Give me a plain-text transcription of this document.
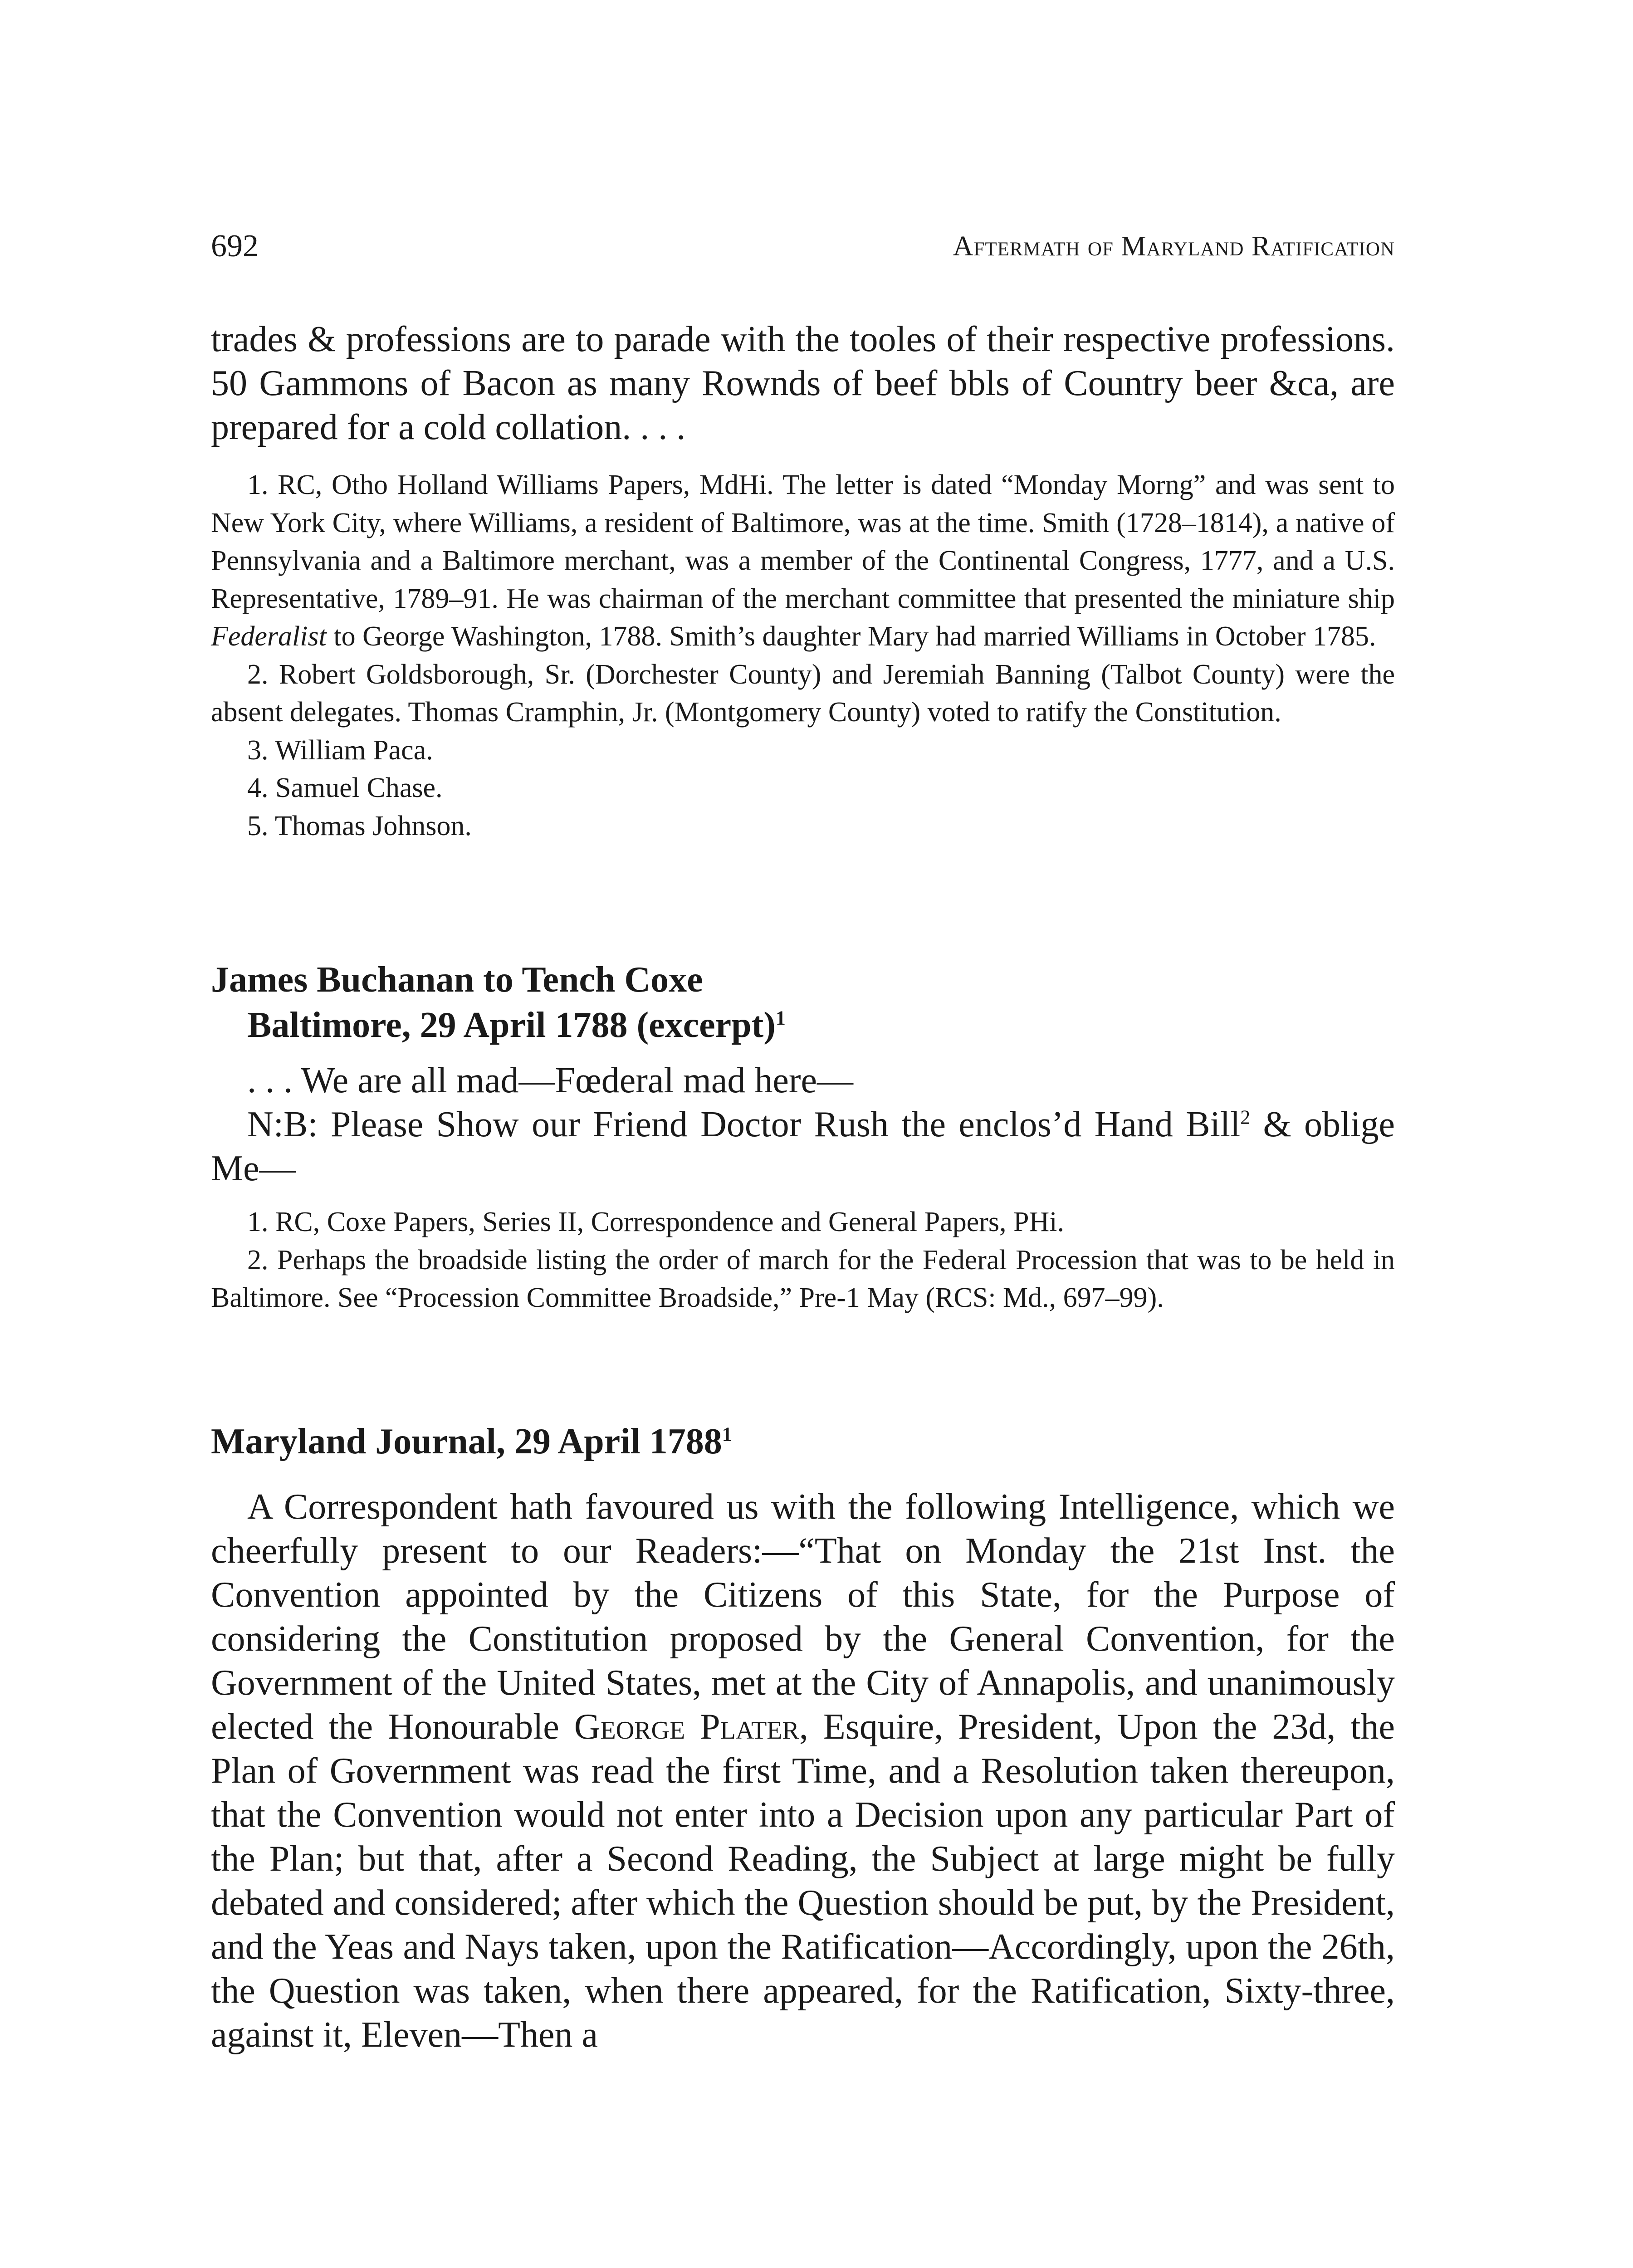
692	Aftermath of Maryland Ratification

trades & professions are to parade with the tooles of their respective professions. 50 Gammons of Bacon as many Rownds of beef bbls of Country beer &ca, are prepared for a cold collation. . . .

1. RC, Otho Holland Williams Papers, MdHi. The letter is dated “Monday Morng” and was sent to New York City, where Williams, a resident of Baltimore, was at the time. Smith (1728–1814), a native of Pennsylvania and a Baltimore merchant, was a member of the Continental Congress, 1777, and a U.S. Representative, 1789–91. He was chairman of the merchant committee that presented the miniature ship Federalist to George Washington, 1788. Smith’s daughter Mary had married Williams in October 1785.

2. Robert Goldsborough, Sr. (Dorchester County) and Jeremiah Banning (Talbot County) were the absent delegates. Thomas Cramphin, Jr. (Montgomery County) voted to ratify the Constitution.

3. William Paca.

4. Samuel Chase.

5. Thomas Johnson.

James Buchanan to Tench Coxe

Baltimore, 29 April 1788 (excerpt)$^1$

. . . We are all mad—Fœderal mad here—

N:B: Please Show our Friend Doctor Rush the enclos’d Hand Bill$^2$ & oblige Me—

1. RC, Coxe Papers, Series II, Correspondence and General Papers, PHi.

2. Perhaps the broadside listing the order of march for the Federal Procession that was to be held in Baltimore. See “Procession Committee Broadside,” Pre-1 May (RCS: Md., 697–99).

Maryland Journal, 29 April 1788$^1$

A Correspondent hath favoured us with the following Intelligence, which we cheerfully present to our Readers:—“That on Monday the 21st Inst. the Convention appointed by the Citizens of this State, for the Purpose of considering the Constitution proposed by the General Convention, for the Government of the United States, met at the City of Annapolis, and unanimously elected the Honourable George Plater, Esquire, President, Upon the 23d, the Plan of Government was read the first Time, and a Resolution taken thereupon, that the Convention would not enter into a Decision upon any particular Part of the Plan; but that, after a Second Reading, the Subject at large might be fully debated and considered; after which the Question should be put, by the President, and the Yeas and Nays taken, upon the Ratification—Accordingly, upon the 26th, the Question was taken, when there appeared, for the Ratification, Sixty-three, against it, Eleven—Then a
